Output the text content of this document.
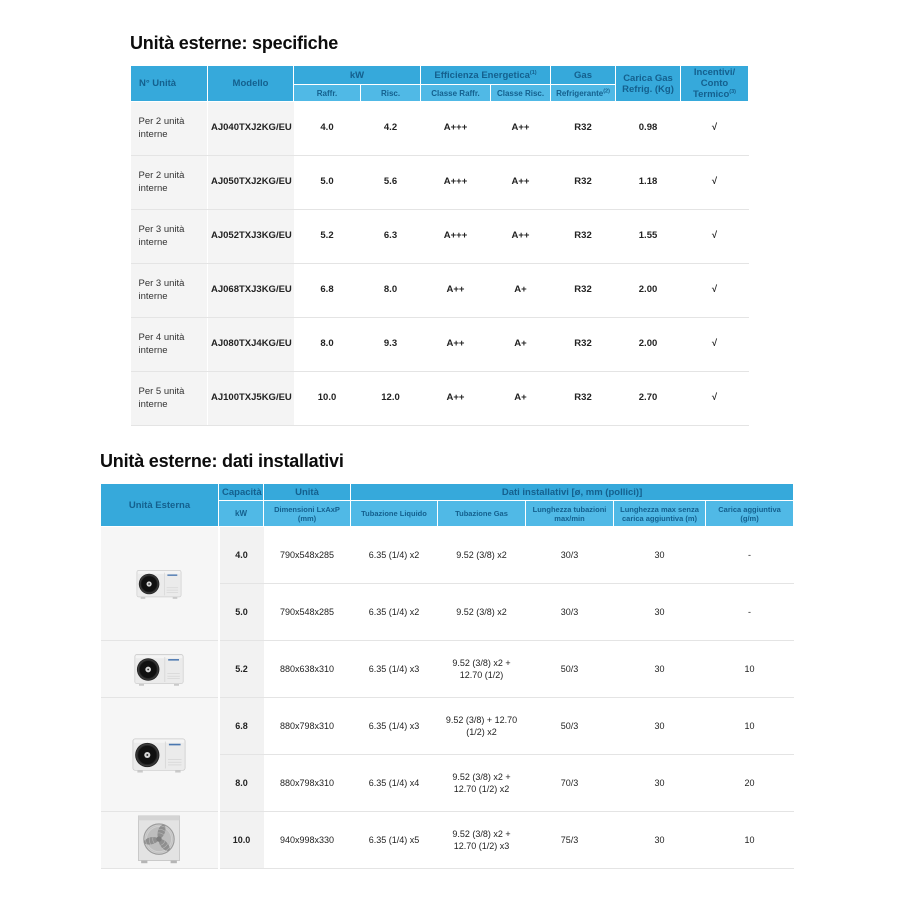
Unità esterne: specifiche
N° Unità	Modello	kW		Efficienza Energetica$^{(1)}$		Gas	Carica Gas Refrig. (Kg)	Incentivi/
Conto Termico$^{(3)}$
		Raffr.	Risc.	Classe Raffr.	Classe Risc.	Refrigerante$^{(2)}$
Per 2 unità interne	AJ040TXJ2KG/EU	4.0	4.2	A+++	A++	R32	0.98	√
Per 2 unità interne	AJ050TXJ2KG/EU	5.0	5.6	A+++	A++	R32	1.18	√
Per 3 unità interne	AJ052TXJ3KG/EU	5.2	6.3	A+++	A++	R32	1.55	√
Per 3 unità interne	AJ068TXJ3KG/EU	6.8	8.0	A++	A+	R32	2.00	√
Per 4 unità interne	AJ080TXJ4KG/EU	8.0	9.3	A++	A+	R32	2.00	√
Per 5 unità interne	AJ100TXJ5KG/EU	10.0	12.0	A++	A+	R32	2.70	√
Unità esterne: dati installativi
Unità Esterna	Capacità	Unità	Dati installativi [ø, mm (pollici)]				
	kW	Dimensioni LxAxP (mm)	Tubazione Liquido	Tubazione Gas	Lunghezza tubazioni max/min	Lunghezza max senza carica aggiuntiva (m)	Carica aggiuntiva (g/m)
	4.0	790x548x285	6.35 (1/4) x2	9.52 (3/8) x2	30/3	30	-
	5.0	790x548x285	6.35 (1/4) x2	9.52 (3/8) x2	30/3	30	-
	5.2	880x638x310	6.35 (1/4) x3	9.52 (3/8) x2 + 12.70 (1/2)	50/3	30	10
	6.8	880x798x310	6.35 (1/4) x3	9.52 (3/8) + 12.70 (1/2) x2	50/3	30	10
	8.0	880x798x310	6.35 (1/4) x4	9.52 (3/8) x2 + 12.70 (1/2) x2	70/3	30	20
	10.0	940x998x330	6.35 (1/4) x5	9.52 (3/8) x2 + 12.70 (1/2) x3	75/3	30	10
